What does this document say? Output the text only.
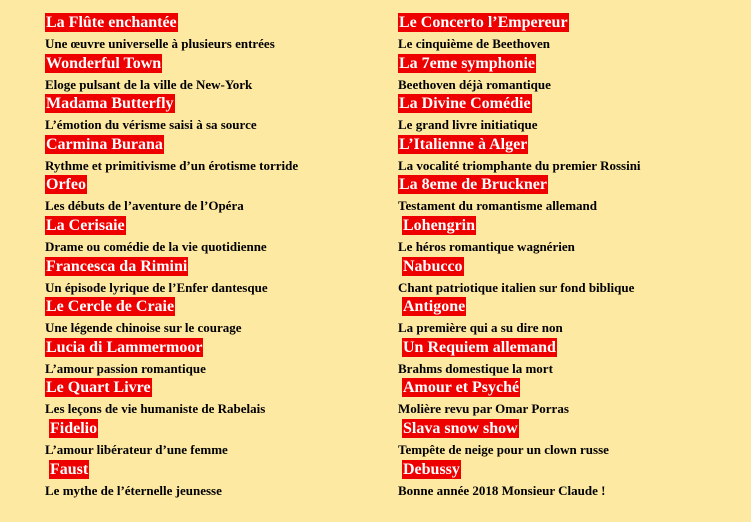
La Flûte enchantée
Une œuvre universelle à plusieurs entrées
Wonderful Town
Eloge pulsant de la ville de New-York
Madama Butterfly
L’émotion du vérisme saisi à sa source
Carmina Burana
Rythme et primitivisme d’un érotisme torride
Orfeo
Les débuts de l’aventure de l’Opéra
La Cerisaie
Drame ou comédie de la vie quotidienne
Francesca da Rimini
Un épisode lyrique de l’Enfer dantesque
Le Cercle de Craie
Une légende chinoise sur le courage
Lucia di Lammermoor
L’amour passion romantique
Le Quart Livre
Les leçons de vie humaniste de Rabelais
Fidelio
L’amour libérateur d’une femme
Faust
Le mythe de l’éternelle jeunesse
Le Concerto l’Empereur
Le cinquième de Beethoven
La 7eme symphonie
Beethoven déjà romantique
La Divine Comédie
Le grand livre initiatique
L’Italienne à Alger
La vocalité triomphante du premier Rossini
La 8eme de Bruckner
Testament du romantisme allemand
Lohengrin
Le héros romantique wagnérien
Nabucco
Chant patriotique italien sur fond biblique
Antigone
La première qui a su dire non
Un Requiem allemand
Brahms domestique la mort
Amour et Psyché
Molière revu par Omar Porras
Slava snow show
Tempête de neige pour un clown russe
Debussy
Bonne année 2018 Monsieur Claude !
